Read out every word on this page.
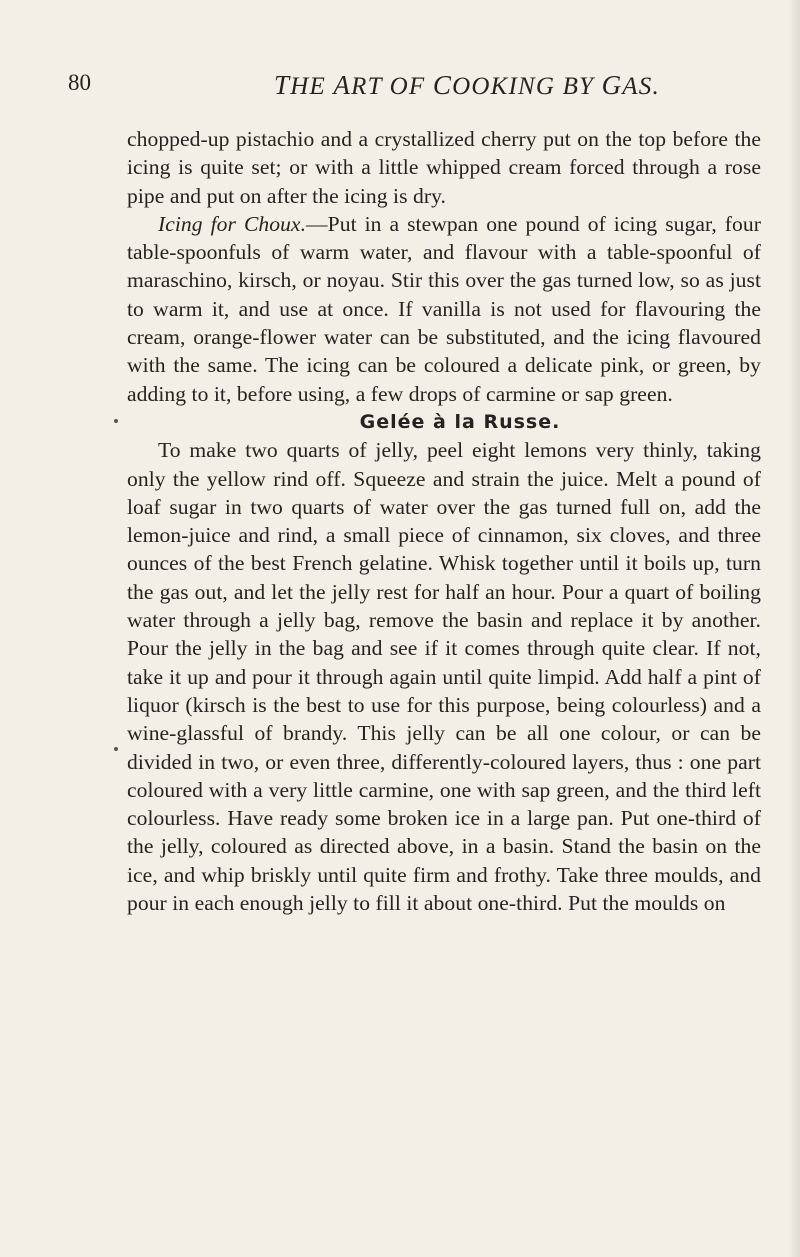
80	THE ART OF COOKING BY GAS.

chopped-up pistachio and a crystallized cherry put on the top before the icing is quite set; or with a little whipped cream forced through a rose pipe and put on after the icing is dry.

Icing for Choux.—Put in a stewpan one pound of icing sugar, four table-spoonfuls of warm water, and flavour with a table-spoonful of maraschino, kirsch, or noyau. Stir this over the gas turned low, so as just to warm it, and use at once. If vanilla is not used for flavouring the cream, orange-flower water can be substituted, and the icing flavoured with the same. The icing can be coloured a delicate pink, or green, by adding to it, before using, a few drops of carmine or sap green.

Gelée à la Russe.

To make two quarts of jelly, peel eight lemons very thinly, taking only the yellow rind off. Squeeze and strain the juice. Melt a pound of loaf sugar in two quarts of water over the gas turned full on, add the lemon-juice and rind, a small piece of cinnamon, six cloves, and three ounces of the best French gelatine. Whisk together until it boils up, turn the gas out, and let the jelly rest for half an hour. Pour a quart of boiling water through a jelly bag, remove the basin and replace it by another. Pour the jelly in the bag and see if it comes through quite clear. If not, take it up and pour it through again until quite limpid. Add half a pint of liquor (kirsch is the best to use for this purpose, being colourless) and a wine-glassful of brandy. This jelly can be all one colour, or can be divided in two, or even three, differently-coloured layers, thus : one part coloured with a very little carmine, one with sap green, and the third left colourless. Have ready some broken ice in a large pan. Put one-third of the jelly, coloured as directed above, in a basin. Stand the basin on the ice, and whip briskly until quite firm and frothy. Take three moulds, and pour in each enough jelly to fill it about one-third. Put the moulds on
